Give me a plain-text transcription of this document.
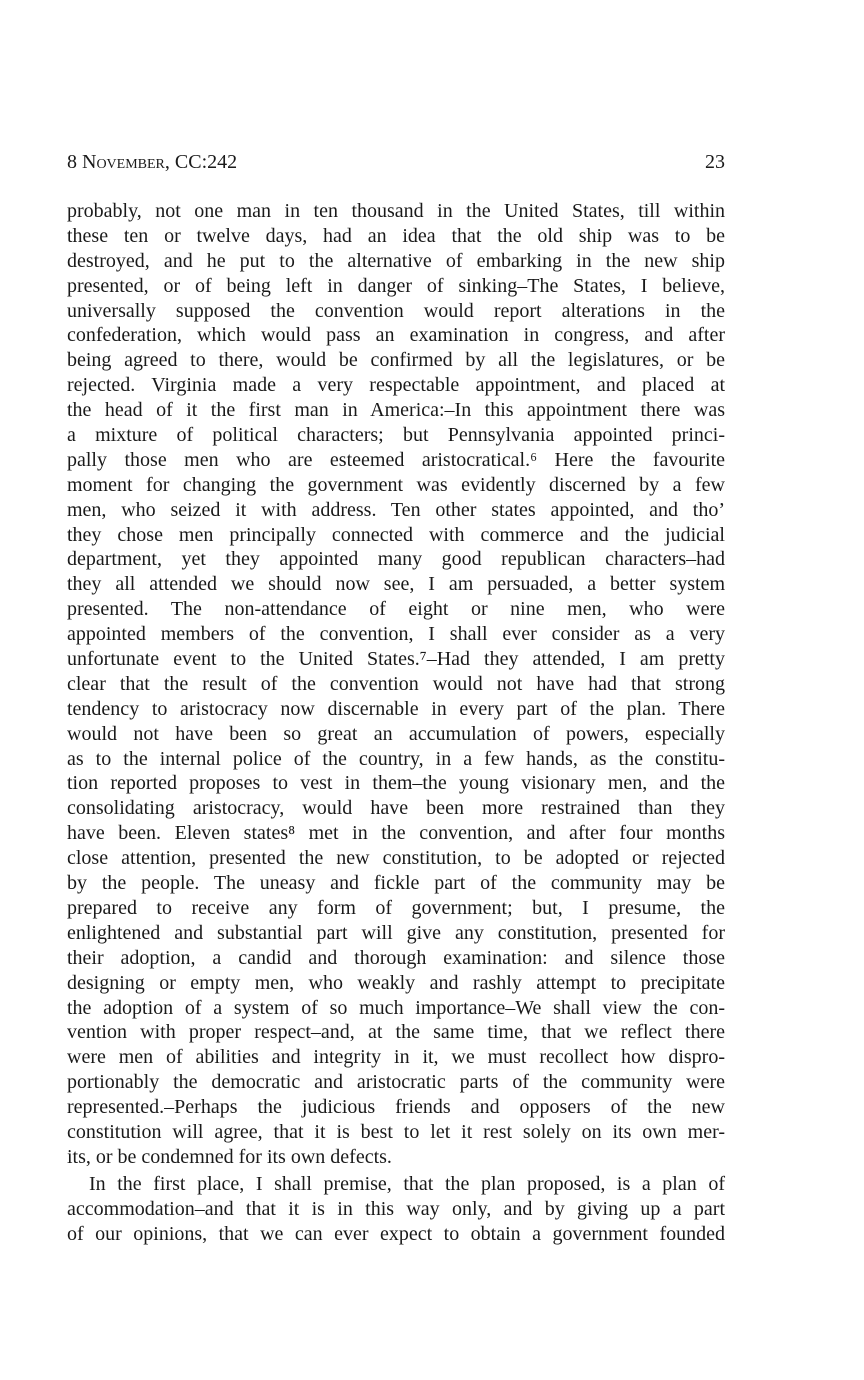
8 November, CC:242	23
probably, not one man in ten thousand in the United States, till within
these ten or twelve days, had an idea that the old ship was to be
destroyed, and he put to the alternative of embarking in the new ship
presented, or of being left in danger of sinking–The States, I believe,
universally supposed the convention would report alterations in the
confederation, which would pass an examination in congress, and after
being agreed to there, would be confirmed by all the legislatures, or be
rejected. Virginia made a very respectable appointment, and placed at
the head of it the first man in America:–In this appointment there was
a mixture of political characters; but Pennsylvania appointed princi-
pally those men who are esteemed aristocratical.⁶ Here the favourite
moment for changing the government was evidently discerned by a few
men, who seized it with address. Ten other states appointed, and tho’
they chose men principally connected with commerce and the judicial
department, yet they appointed many good republican characters–had
they all attended we should now see, I am persuaded, a better system
presented. The non-attendance of eight or nine men, who were
appointed members of the convention, I shall ever consider as a very
unfortunate event to the United States.⁷–Had they attended, I am pretty
clear that the result of the convention would not have had that strong
tendency to aristocracy now discernable in every part of the plan. There
would not have been so great an accumulation of powers, especially
as to the internal police of the country, in a few hands, as the constitu-
tion reported proposes to vest in them–the young visionary men, and the
consolidating aristocracy, would have been more restrained than they
have been. Eleven states⁸ met in the convention, and after four months
close attention, presented the new constitution, to be adopted or rejected
by the people. The uneasy and fickle part of the community may be
prepared to receive any form of government; but, I presume, the
enlightened and substantial part will give any constitution, presented for
their adoption, a candid and thorough examination: and silence those
designing or empty men, who weakly and rashly attempt to precipitate
the adoption of a system of so much importance–We shall view the con-
vention with proper respect–and, at the same time, that we reflect there
were men of abilities and integrity in it, we must recollect how dispro-
portionably the democratic and aristocratic parts of the community were
represented.–Perhaps the judicious friends and opposers of the new
constitution will agree, that it is best to let it rest solely on its own mer-
its, or be condemned for its own defects.
In the first place, I shall premise, that the plan proposed, is a plan of
accommodation–and that it is in this way only, and by giving up a part
of our opinions, that we can ever expect to obtain a government founded
